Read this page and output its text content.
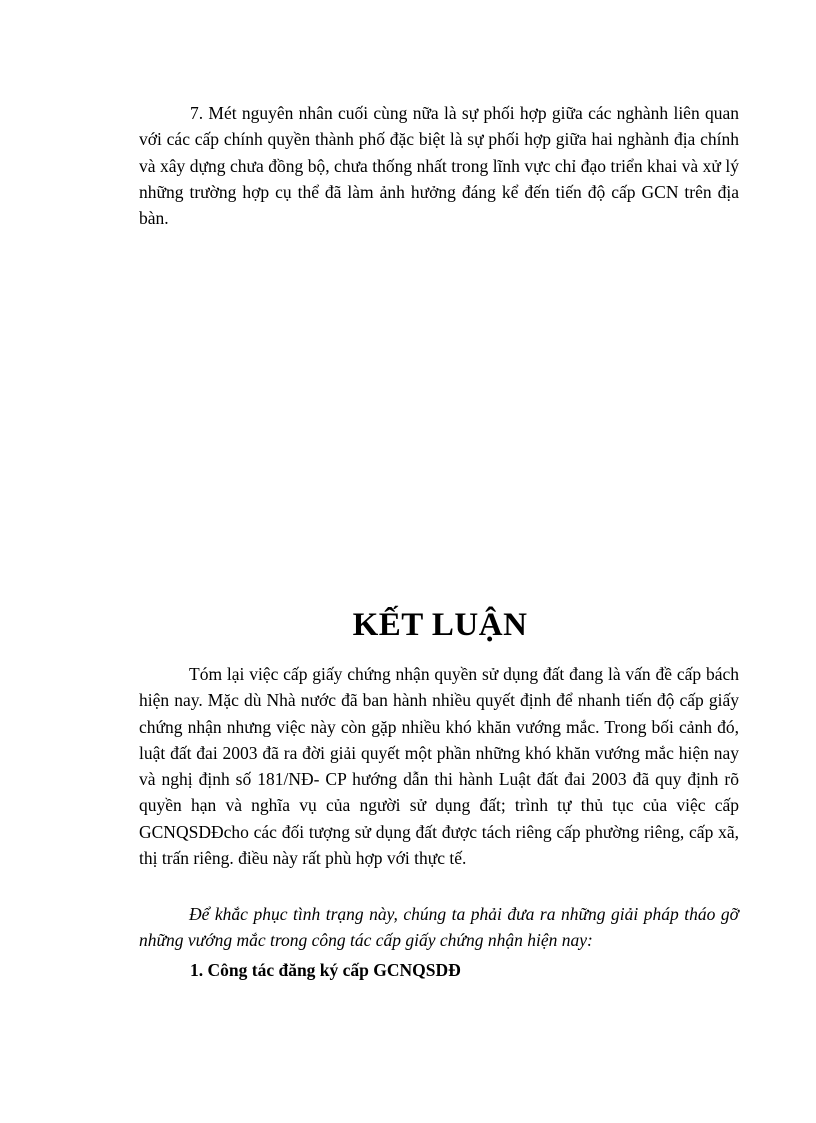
7. Mét nguyên nhân cuối cùng nữa là sự phối hợp giữa các nghành liên quan với các cấp chính quyền thành phố đặc biệt là sự phối hợp giữa hai nghành địa chính và xây dựng chưa đồng bộ, chưa thống nhất trong lĩnh vực chỉ đạo triển khai và xử lý những trường hợp cụ thể đã làm ảnh hưởng đáng kể đến tiến độ cấp GCN trên địa bàn.

KẾT LUẬN

Tóm lại việc cấp giấy chứng nhận quyền sử dụng đất đang là vấn đề cấp bách hiện nay. Mặc dù Nhà nước đã ban hành nhiều quyết định để nhanh tiến độ cấp giấy chứng nhận nhưng việc này còn gặp nhiều khó khăn vướng mắc. Trong bối cảnh đó, luật đất đai 2003 đã ra đời giải quyết một phần những khó khăn vướng mắc hiện nay và nghị định số 181/NĐ- CP hướng dẫn thi hành Luật đất đai 2003 đã quy định rõ quyền hạn và nghĩa vụ của người sử dụng đất; trình tự thủ tục của việc cấp GCNQSDĐcho các đối tượng sử dụng đất được tách riêng cấp phường riêng, cấp xã, thị trấn riêng. điều này rất phù hợp với thực tế.

Để khắc phục tình trạng này, chúng ta phải đưa ra những giải pháp tháo gỡ những vướng mắc trong công tác cấp giấy chứng nhận hiện nay:

1. Công tác đăng ký cấp GCNQSDĐ
